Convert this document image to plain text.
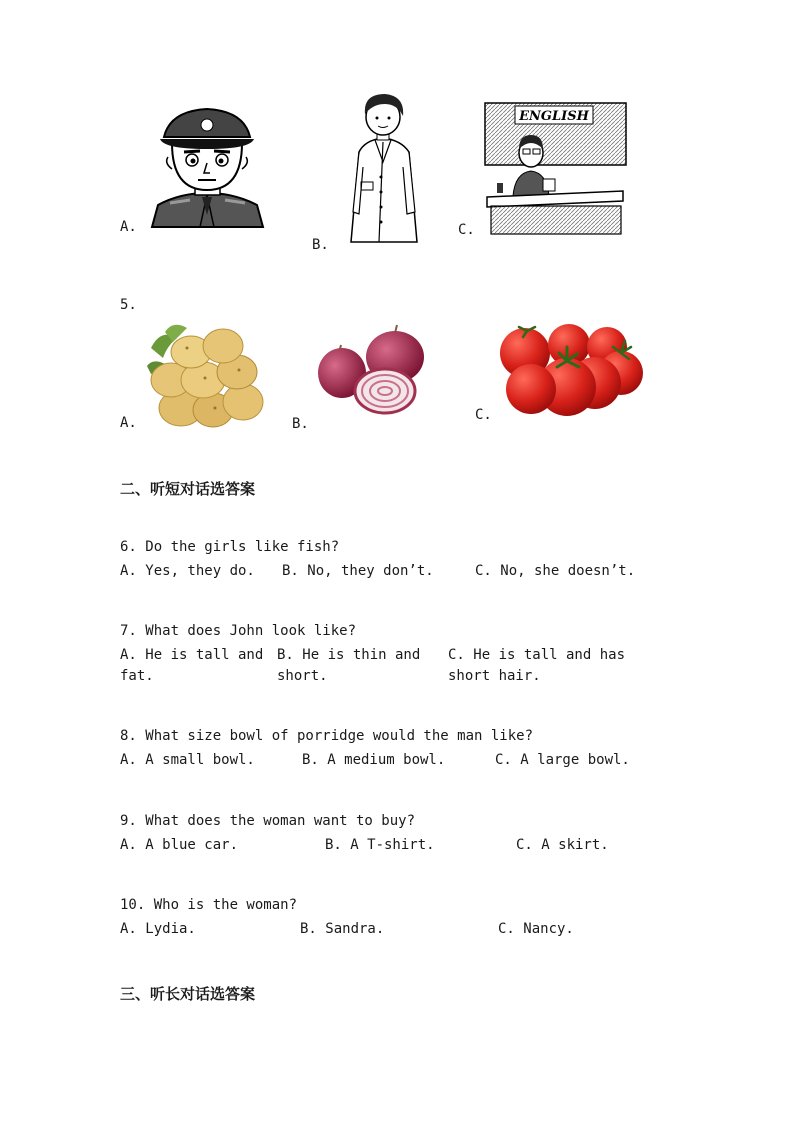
A.
B.
C.
ENGLISH
5.
A.	B.
C.
二、听短对话选答案
6. Do the girls like fish?
A. Yes, they do. B. No, they don’t.	C. No, she doesn’t.
7. What does John look like?
A. He is tall and fat.
B. He is thin and short.
C. He is tall and has short hair.
8. What size bowl of porridge would the man like?
A. A small bowl.	B. A medium bowl.	C. A large bowl.
9. What does the woman want to buy?
A. A blue car.	B. A T-shirt.	C. A skirt.
10. Who is the woman?
A. Lydia.	B. Sandra.	C. Nancy.
三、听长对话选答案
